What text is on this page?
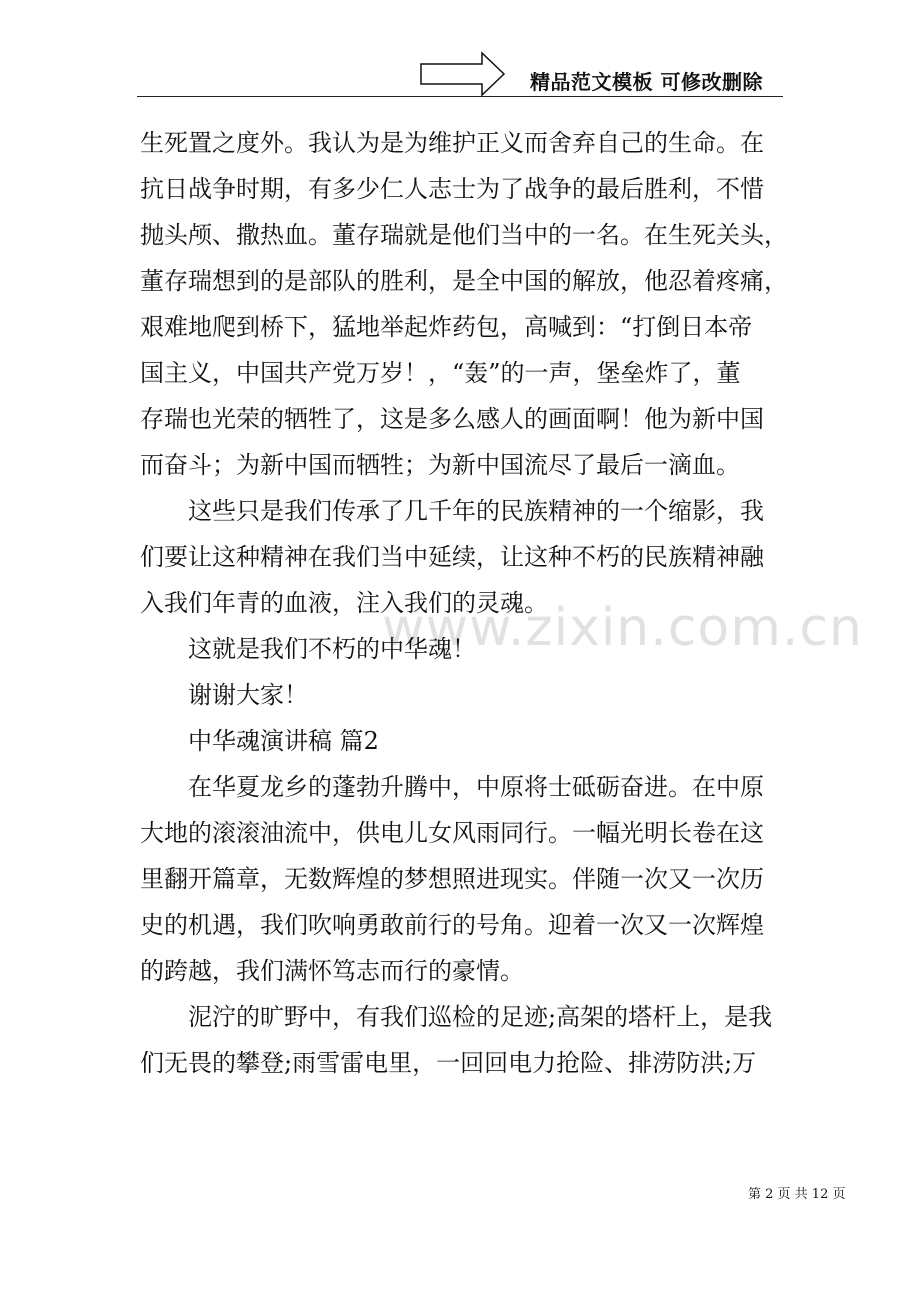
精品范文模板 可修改删除
www.zixin.com.cn
生死置之度外。我认为是为维护正义而舍弃自己的生命。在
抗日战争时期，有多少仁人志士为了战争的最后胜利，不惜
抛头颅、撒热血。董存瑞就是他们当中的一名。在生死关头，
董存瑞想到的是部队的胜利，是全中国的解放，他忍着疼痛，
艰难地爬到桥下，猛地举起炸药包，高喊到：“打倒日本帝
国主义，中国共产党万岁！，“轰”的一声，堡垒炸了，董
存瑞也光荣的牺牲了，这是多么感人的画面啊！他为新中国
而奋斗；为新中国而牺牲；为新中国流尽了最后一滴血。
这些只是我们传承了几千年的民族精神的一个缩影，我
们要让这种精神在我们当中延续，让这种不朽的民族精神融
入我们年青的血液，注入我们的灵魂。
这就是我们不朽的中华魂！
谢谢大家！
中华魂演讲稿 篇2
在华夏龙乡的蓬勃升腾中，中原将士砥砺奋进。在中原
大地的滚滚油流中，供电儿女风雨同行。一幅光明长卷在这
里翻开篇章，无数辉煌的梦想照进现实。伴随一次又一次历
史的机遇，我们吹响勇敢前行的号角。迎着一次又一次辉煌
的跨越，我们满怀笃志而行的豪情。
泥泞的旷野中，有我们巡检的足迹;高架的塔杆上，是我
们无畏的攀登;雨雪雷电里，一回回电力抢险、排涝防洪;万
第 2 页 共 12 页
